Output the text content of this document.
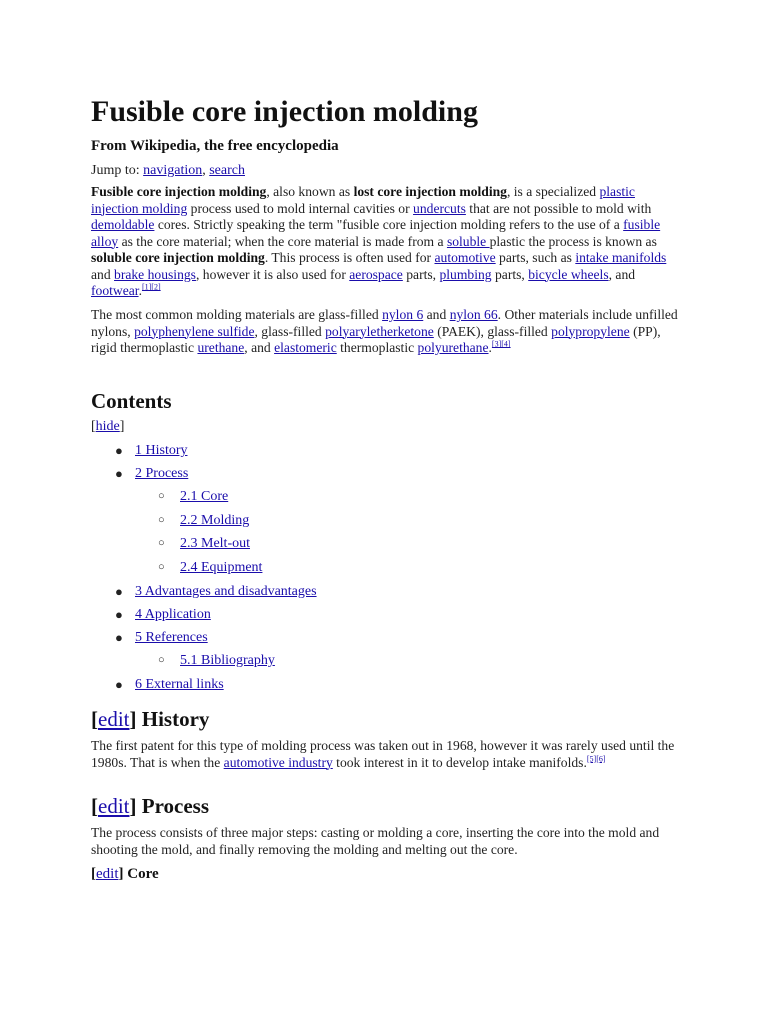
Fusible core injection molding
From Wikipedia, the free encyclopedia
Jump to: navigation, search

Fusible core injection molding, also known as lost core injection molding, is a specialized plastic injection molding process used to mold internal cavities or undercuts that are not possible to mold with demoldable cores. Strictly speaking the term "fusible core injection molding refers to the use of a fusible alloy as the core material; when the core material is made from a soluble plastic the process is known as soluble core injection molding. This process is often used for automotive parts, such as intake manifolds and brake housings, however it is also used for aerospace parts, plumbing parts, bicycle wheels, and footwear.[1][2]

The most common molding materials are glass-filled nylon 6 and nylon 66. Other materials include unfilled nylons, polyphenylene sulfide, glass-filled polyaryletherketone (PAEK), glass-filled polypropylene (PP), rigid thermoplastic urethane, and elastomeric thermoplastic polyurethane.[3][4]

Contents
[hide]
● 1 History
● 2 Process
○ 2.1 Core
○ 2.2 Molding
○ 2.3 Melt-out
○ 2.4 Equipment
● 3 Advantages and disadvantages
● 4 Application
● 5 References
○ 5.1 Bibliography
● 6 External links
[edit] History

The first patent for this type of molding process was taken out in 1968, however it was rarely used until the 1980s. That is when the automotive industry took interest in it to develop intake manifolds.[5][6]

[edit] Process

The process consists of three major steps: casting or molding a core, inserting the core into the mold and shooting the mold, and finally removing the molding and melting out the core.

[edit] Core
